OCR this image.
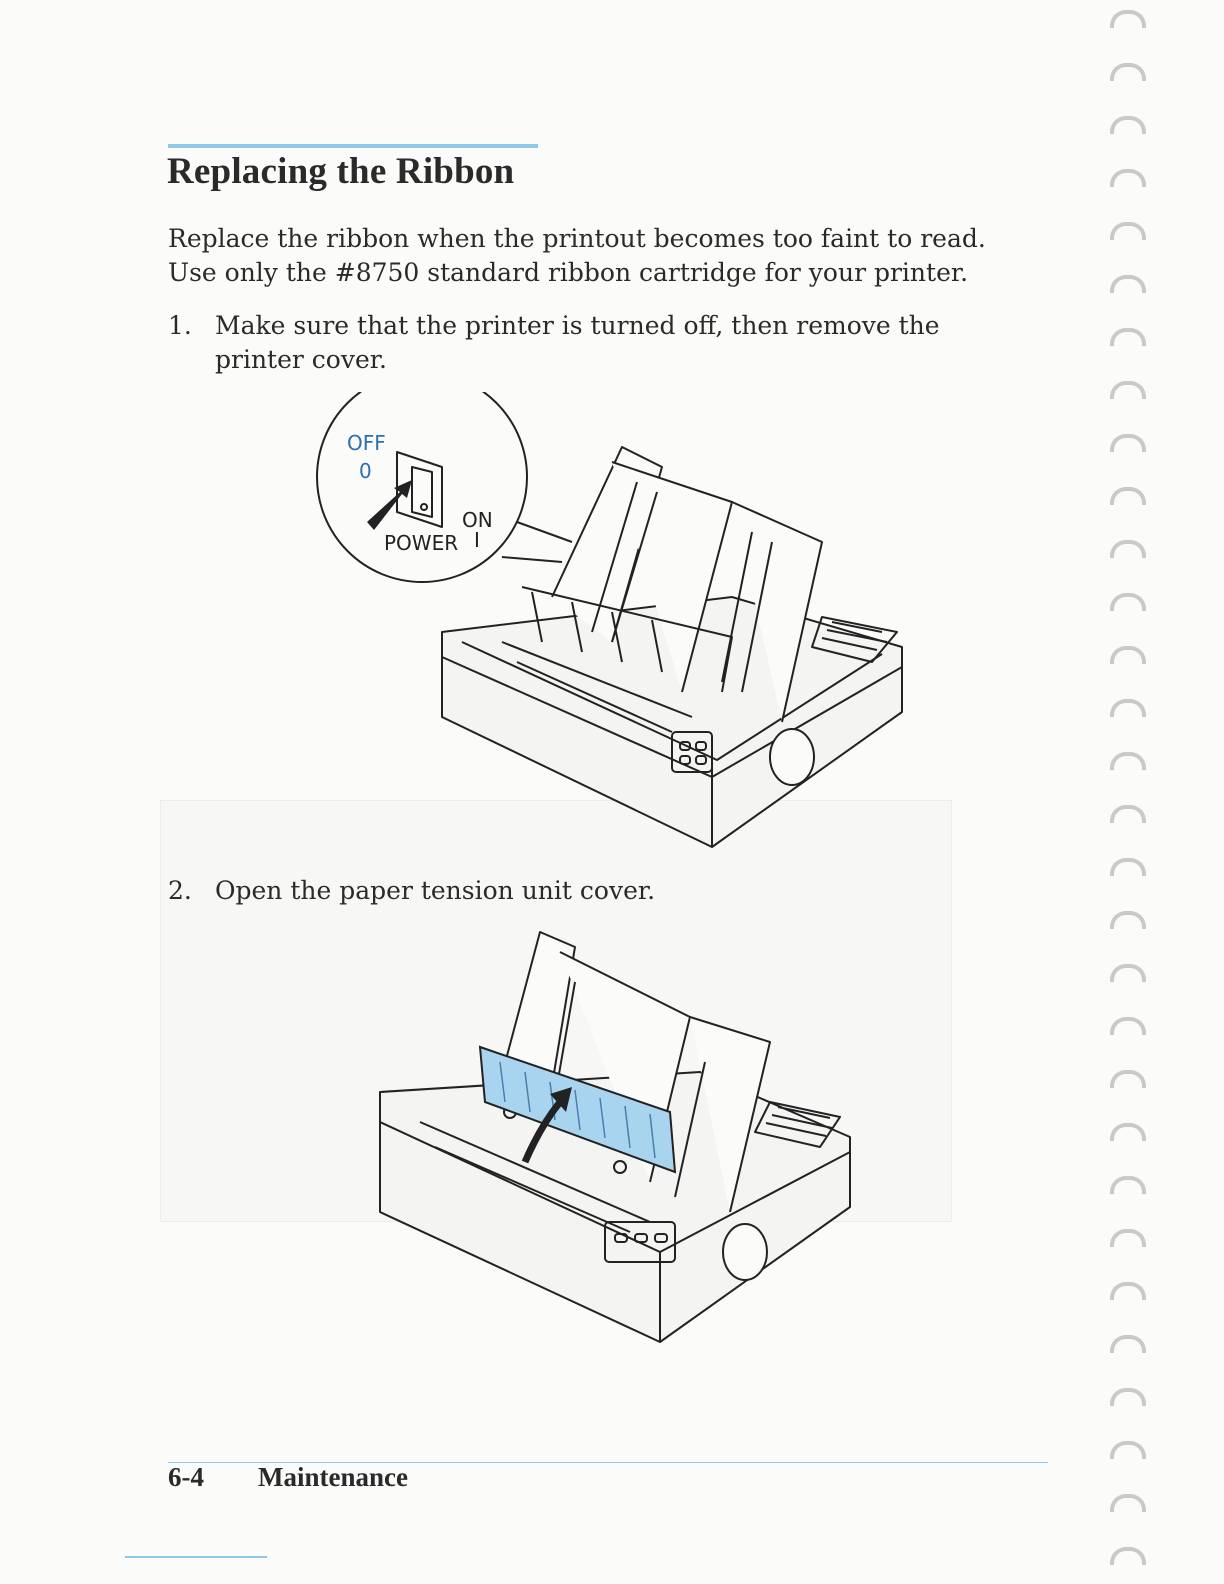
Replacing the Ribbon

Replace the ribbon when the printout becomes too faint to read.
Use only the #8750 standard ribbon cartridge for your printer.

1. Make sure that the printer is turned off, then remove the printer cover.
OFF
0
ON
I
POWER
2. Open the paper tension unit cover.
6-4 Maintenance
